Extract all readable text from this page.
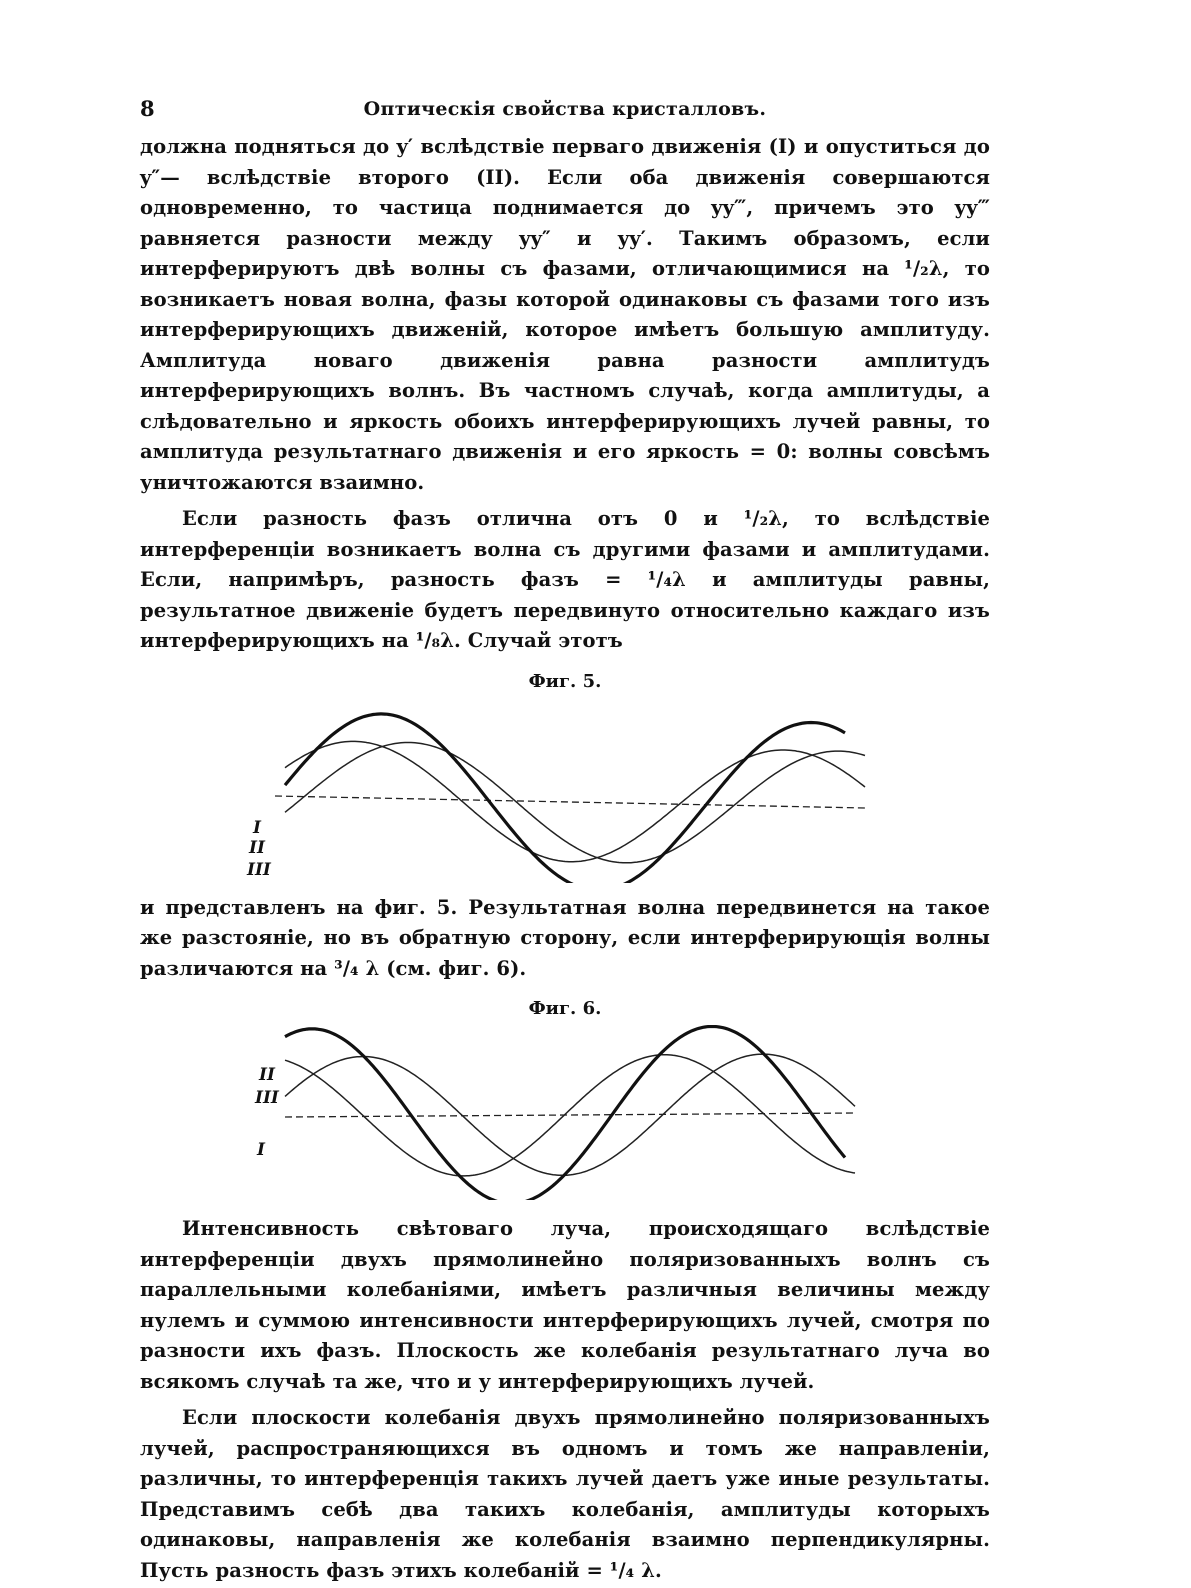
8	Оптическія свойства кристалловъ.

должна подняться до y′ вслѣдствіе перваго движенія (I) и опуститься до y″— вслѣдствіе второго (II). Если оба движенія совершаются одновременно, то частица поднимается до yy‴, причемъ это yy‴ равняется разности между yy″ и yy′. Такимъ образомъ, если интерферируютъ двѣ волны съ фазами, отличающимися на ¹/₂λ, то возникаетъ новая волна, фазы которой одинаковы съ фазами того изъ интерферирующихъ движеній, которое имѣетъ большую амплитуду. Амплитуда новаго движенія равна разности амплитудъ интерферирующихъ волнъ. Въ частномъ случаѣ, когда амплитуды, а слѣдовательно и яркость обоихъ интерферирующихъ лучей равны, то амплитуда результатнаго движенія и его яркость = 0: волны совсѣмъ уничтожаются взаимно.

Если разность фазъ отлична отъ 0 и ¹/₂λ, то вслѣдствіе интерференціи возникаетъ волна съ другими фазами и амплитудами. Если, напримѣръ, разность фазъ = ¹/₄λ и амплитуды равны, результатное движеніе будетъ передвинуто относительно каждаго изъ интерферирующихъ на ¹/₈λ. Случай этотъ

Фиг. 5.
I
II
III

и представленъ на фиг. 5. Результатная волна передвинется на такое же разстояніе, но въ обратную сторону, если интерферирующія волны различаются на ³/₄ λ (см. фиг. 6).

Фиг. 6.
II
III
I

Интенсивность свѣтоваго луча, происходящаго вслѣдствіе интерференціи двухъ прямолинейно поляризованныхъ волнъ съ параллельными колебаніями, имѣетъ различныя величины между нулемъ и суммою интенсивности интерферирующихъ лучей, смотря по разности ихъ фазъ. Плоскость же колебанія результатнаго луча во всякомъ случаѣ та же, что и у интерферирующихъ лучей.

Если плоскости колебанія двухъ прямолинейно поляризованныхъ лучей, распространяющихся въ одномъ и томъ же направленіи, различны, то интерференція такихъ лучей даетъ уже иные результаты. Представимъ себѣ два такихъ колебанія, амплитуды которыхъ одинаковы, направленія же колебанія взаимно перпендикулярны. Пусть разность фазъ этихъ колебаній = ¹/₄ λ.
